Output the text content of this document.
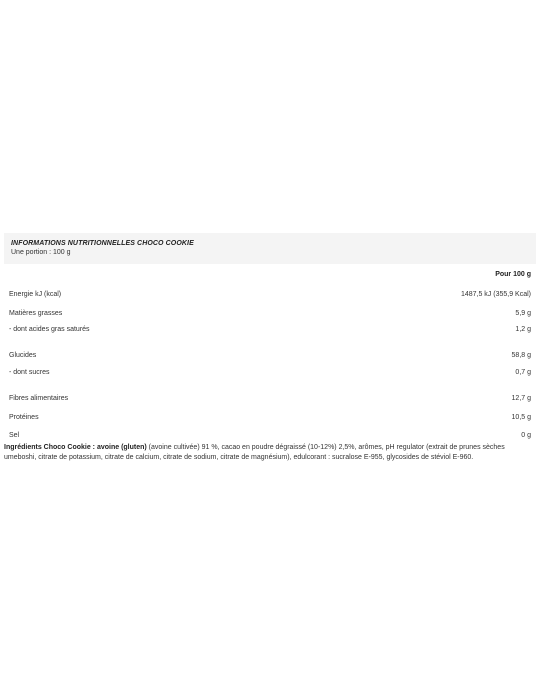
INFORMATIONS NUTRITIONNELLES CHOCO COOKIE
Une portion : 100 g
Pour 100 g
Energie kJ (kcal)	1487,5 kJ (355,9 Kcal)
Matières grasses	5,9 g
- dont acides gras saturés	1,2 g
Glucides	58,8 g
- dont sucres	0,7 g
Fibres alimentaires	12,7 g
Protéines	10,5 g
Sel	0 g
Ingrédients Choco Cookie : avoine (gluten) (avoine cultivée) 91 %, cacao en poudre dégraissé (10-12%) 2,5%, arômes, pH regulator (extrait de prunes sèches umeboshi, citrate de potassium, citrate de calcium, citrate de sodium, citrate de magnésium), edulcorant : sucralose E-955, glycosides de stéviol E-960.
